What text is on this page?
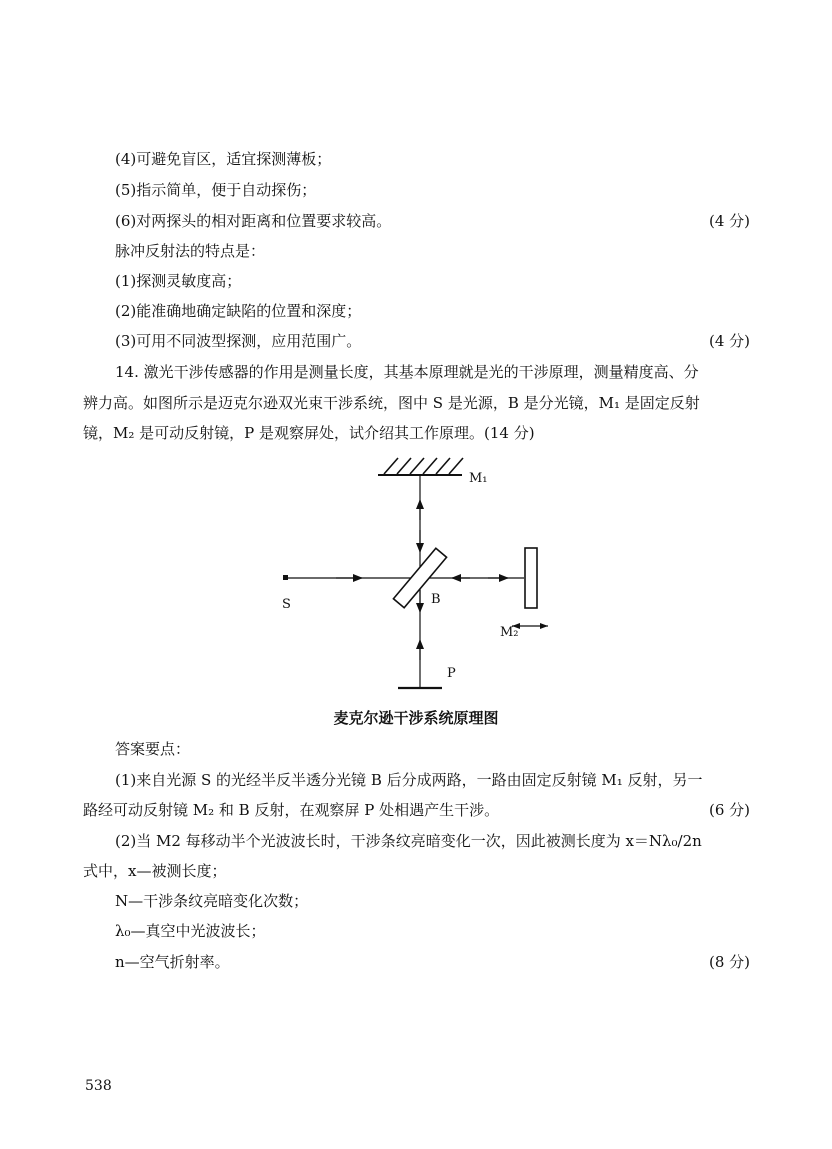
(4)可避免盲区，适宜探测薄板；
(5)指示简单，便于自动探伤；
(6)对两探头的相对距离和位置要求较高。	(4 分)
脉冲反射法的特点是：
(1)探测灵敏度高；
(2)能准确地确定缺陷的位置和深度；
(3)可用不同波型探测，应用范围广。	(4 分)
14. 激光干涉传感器的作用是测量长度，其基本原理就是光的干涉原理，测量精度高、分
辨力高。如图所示是迈克尔逊双光束干涉系统，图中 S 是光源，B 是分光镜，M₁ 是固定反射
镜，M₂ 是可动反射镜，P 是观察屏处，试介绍其工作原理。(14 分)
M₁
S	B
M₂
P
麦克尔逊干涉系统原理图
答案要点：
(1)来自光源 S 的光经半反半透分光镜 B 后分成两路，一路由固定反射镜 M₁ 反射，另一
路经可动反射镜 M₂ 和 B 反射，在观察屏 P 处相遇产生干涉。	(6 分)
(2)当 M2 每移动半个光波波长时，干涉条纹亮暗变化一次，因此被测长度为 x＝Nλ₀/2n
式中，x—被测长度；
N—干涉条纹亮暗变化次数；
λ₀—真空中光波波长；
n—空气折射率。	(8 分)
538
